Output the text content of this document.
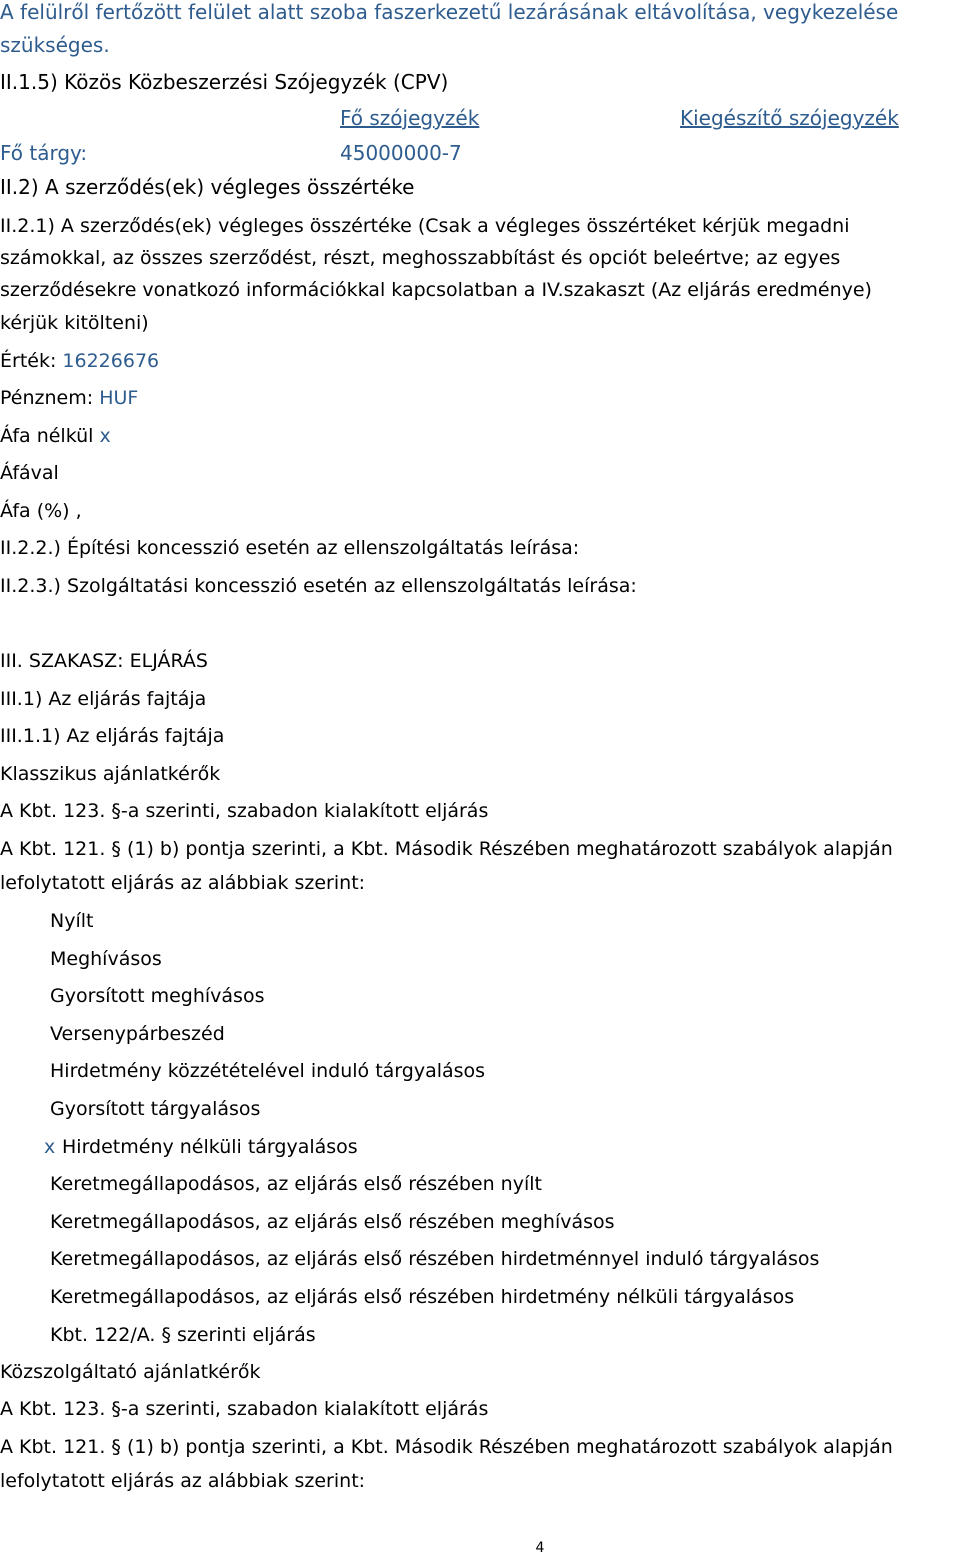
A felülről fertőzött felület alatt szoba faszerkezetű lezárásának eltávolítása, vegykezelése
szükséges.
II.1.5) Közös Közbeszerzési Szójegyzék (CPV)
Fő szójegyzék	Kiegészítő szójegyzék
Fő tárgy:	45000000-7
II.2) A szerződés(ek) végleges összértéke
II.2.1) A szerződés(ek) végleges összértéke (Csak a végleges összértéket kérjük megadni
számokkal, az összes szerződést, részt, meghosszabbítást és opciót beleértve; az egyes
szerződésekre vonatkozó információkkal kapcsolatban a IV.szakaszt (Az eljárás eredménye)
kérjük kitölteni)
Érték: 16226676
Pénznem: HUF
Áfa nélkül x
Áfával
Áfa (%) ,
II.2.2.) Építési koncesszió esetén az ellenszolgáltatás leírása:
II.2.3.) Szolgáltatási koncesszió esetén az ellenszolgáltatás leírása:
III. SZAKASZ: ELJÁRÁS
III.1) Az eljárás fajtája
III.1.1) Az eljárás fajtája
Klasszikus ajánlatkérők
A Kbt. 123. §-a szerinti, szabadon kialakított eljárás
A Kbt. 121. § (1) b) pontja szerinti, a Kbt. Második Részében meghatározott szabályok alapján
lefolytatott eljárás az alábbiak szerint:
Nyílt
Meghívásos
Gyorsított meghívásos
Versenypárbeszéd
Hirdetmény közzétételével induló tárgyalásos
Gyorsított tárgyalásos
x Hirdetmény nélküli tárgyalásos
Keretmegállapodásos, az eljárás első részében nyílt
Keretmegállapodásos, az eljárás első részében meghívásos
Keretmegállapodásos, az eljárás első részében hirdetménnyel induló tárgyalásos
Keretmegállapodásos, az eljárás első részében hirdetmény nélküli tárgyalásos
Kbt. 122/A. § szerinti eljárás
Közszolgáltató ajánlatkérők
A Kbt. 123. §-a szerinti, szabadon kialakított eljárás
A Kbt. 121. § (1) b) pontja szerinti, a Kbt. Második Részében meghatározott szabályok alapján
lefolytatott eljárás az alábbiak szerint:
4
